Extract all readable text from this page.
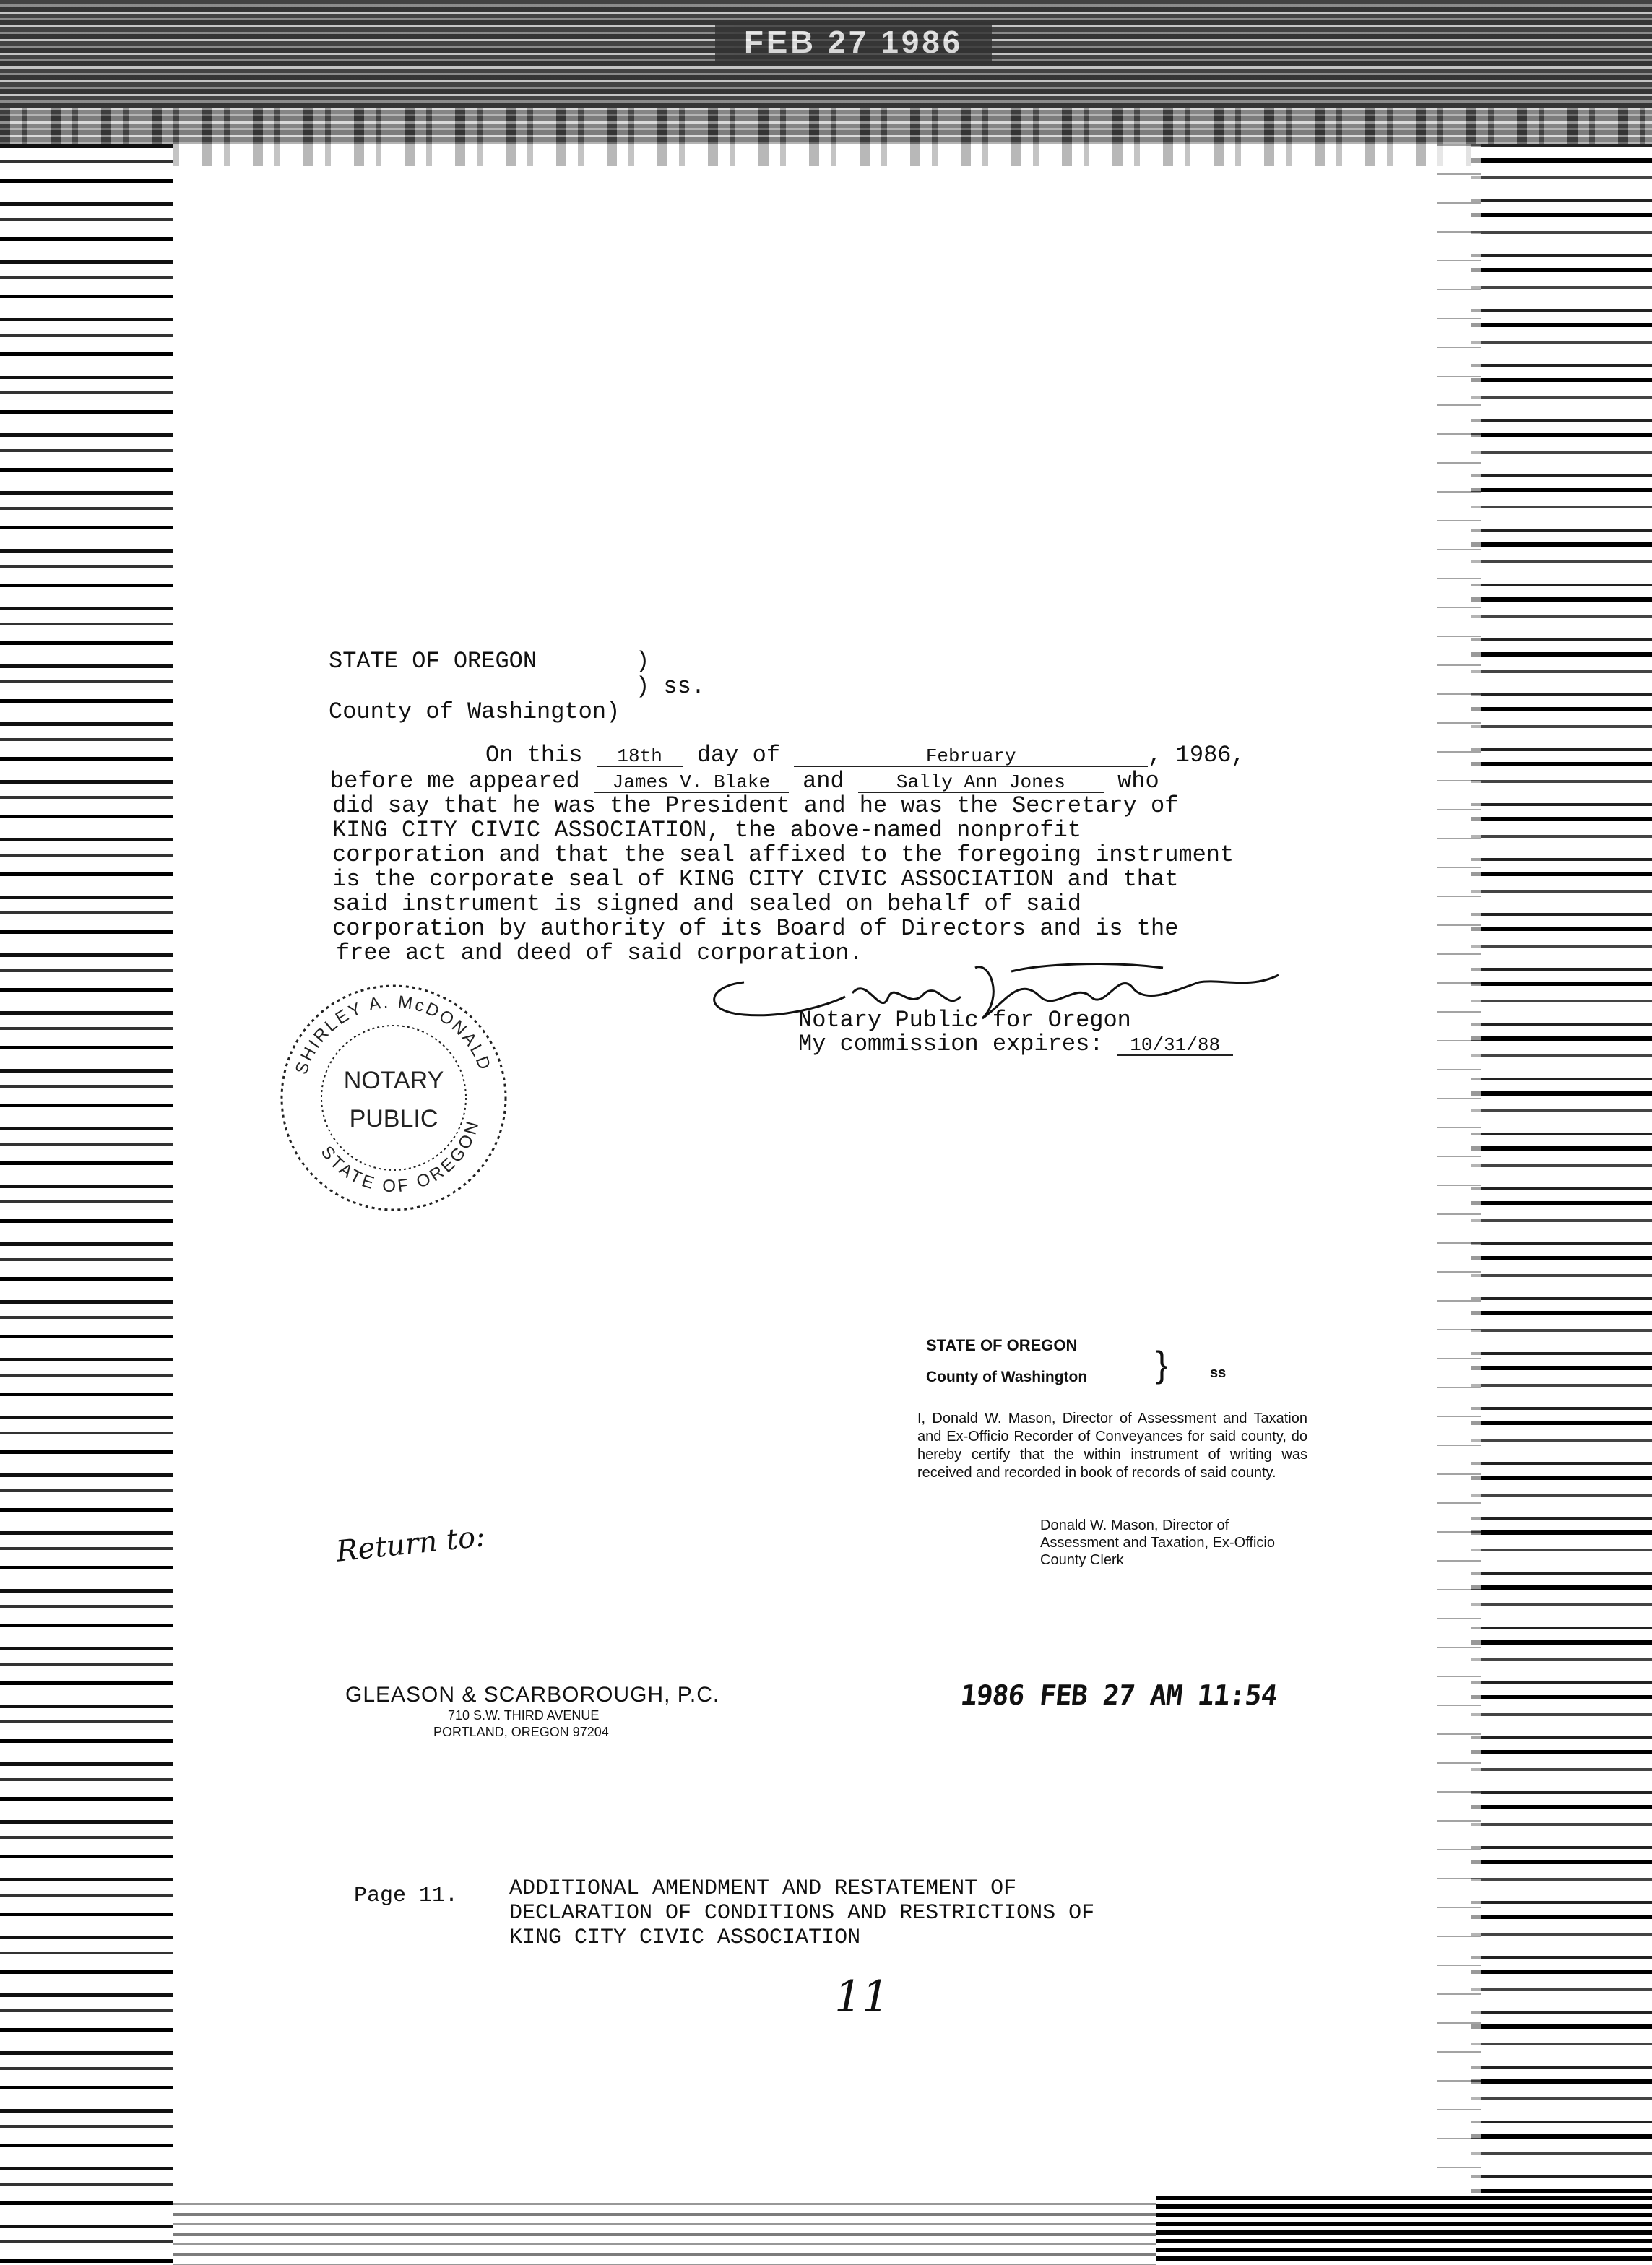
FEB 27 1986
STATE OF OREGON	)
) ss.
County of Washington)
On this 18th day of	February	, 1986,
before me appeared James V. Blake and	Sally Ann Jones who
did say that he was the President and he was the Secretary of
KING CITY CIVIC ASSOCIATION, the above-named nonprofit
corporation and that the seal affixed to the foregoing instrument
is the corporate seal of KING CITY CIVIC ASSOCIATION and that
said instrument is signed and sealed on behalf of said
corporation by authority of its Board of Directors and is the
free act and deed of said corporation.
Notary Public for Oregon
My commission expires: 10/31/88
SHIRLEY A. McDONALD
STATE OF OREGON
NOTARY
PUBLIC
STATE OF OREGON
County of Washington }	ss
I, Donald W. Mason, Director of Assessment and Taxation and Ex-Officio Recorder of Conveyances for said county, do hereby certify that the within instrument of writing was received and recorded in book of records of said county.
Donald W. Mason, Director of Assessment and Taxation, Ex-Officio County Clerk
Return to:
GLEASON & SCARBOROUGH, P.C.
710 S.W. THIRD AVENUE
PORTLAND, OREGON 97204
1986 FEB 27 AM 11:54
Page 11. ADDITIONAL AMENDMENT AND RESTATEMENT OF
DECLARATION OF CONDITIONS AND RESTRICTIONS OF
KING CITY CIVIC ASSOCIATION
11
